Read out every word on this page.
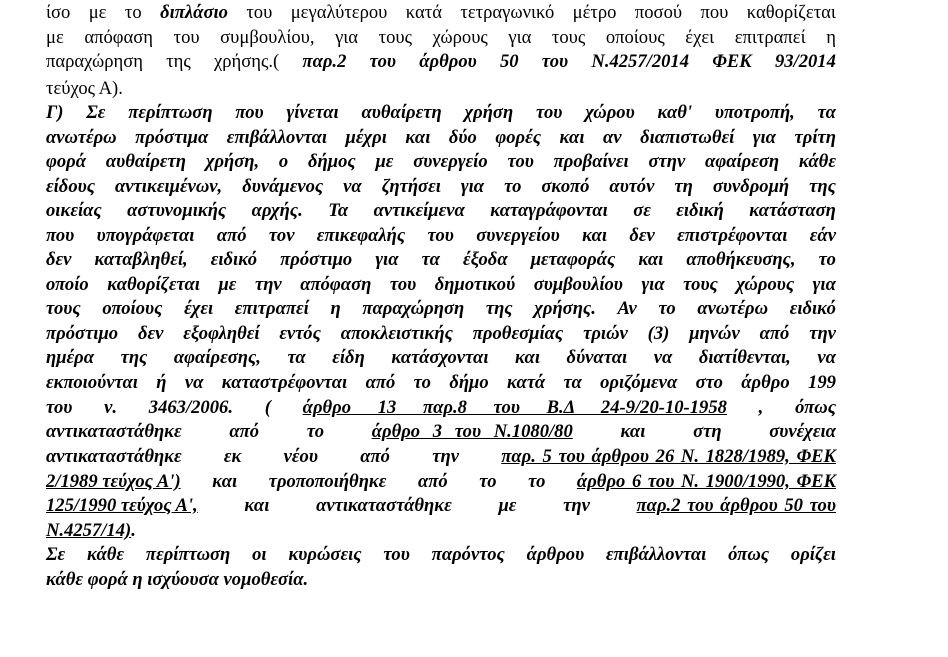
ίσο με το διπλάσιο του μεγαλύτερου κατά τετραγωνικό μέτρο ποσού που καθορίζεται
με απόφαση του συμβουλίου, για τους χώρους για τους οποίους έχει επιτραπεί η
παραχώρηση της χρήσης.( παρ.2 του άρθρου 50 του Ν.4257/2014 ΦΕΚ 93/2014
τεύχος Α).
Γ) Σε περίπτωση που γίνεται αυθαίρετη χρήση του χώρου καθ' υποτροπή, τα
ανωτέρω πρόστιμα επιβάλλονται μέχρι και δύο φορές και αν διαπιστωθεί για τρίτη
φορά αυθαίρετη χρήση, ο δήμος με συνεργείο του προβαίνει στην αφαίρεση κάθε
είδους αντικειμένων, δυνάμενος να ζητήσει για το σκοπό αυτόν τη συνδρομή της
οικείας αστυνομικής αρχής. Τα αντικείμενα καταγράφονται σε ειδική κατάσταση
που υπογράφεται από τον επικεφαλής του συνεργείου και δεν επιστρέφονται εάν
δεν καταβληθεί, ειδικό πρόστιμο για τα έξοδα μεταφοράς και αποθήκευσης, το
οποίο καθορίζεται με την απόφαση του δημοτικού συμβουλίου για τους χώρους για
τους οποίους έχει επιτραπεί η παραχώρηση της χρήσης. Αν το ανωτέρω ειδικό
πρόστιμο δεν εξοφληθεί εντός αποκλειστικής προθεσμίας τριών (3) μηνών από την
ημέρα της αφαίρεσης, τα είδη κατάσχονται και δύναται να διατίθενται, να
εκποιούνται ή να καταστρέφονται από το δήμο κατά τα οριζόμενα στο άρθρο 199
του ν. 3463/2006. ( άρθρο 13 παρ.8 του Β.Δ 24-9/20-10-1958 , όπως
αντικαταστάθηκε	από	το	άρθρο 3 του Ν.1080/80	και	στη	συνέχεια
αντικαταστάθηκε εκ νέου από την παρ. 5 του άρθρου 26 Ν. 1828/1989, ΦΕΚ
2/1989 τεύχος Α') και τροποποιήθηκε από το το άρθρο 6 του Ν. 1900/1990, ΦΕΚ
125/1990 τεύχος Α',	και	αντικαταστάθηκε	με	την	παρ.2 του άρθρου 50 του
Ν.4257/14).
Σε κάθε περίπτωση οι κυρώσεις του παρόντος άρθρου επιβάλλονται όπως ορίζει
κάθε φορά η ισχύουσα νομοθεσία.
